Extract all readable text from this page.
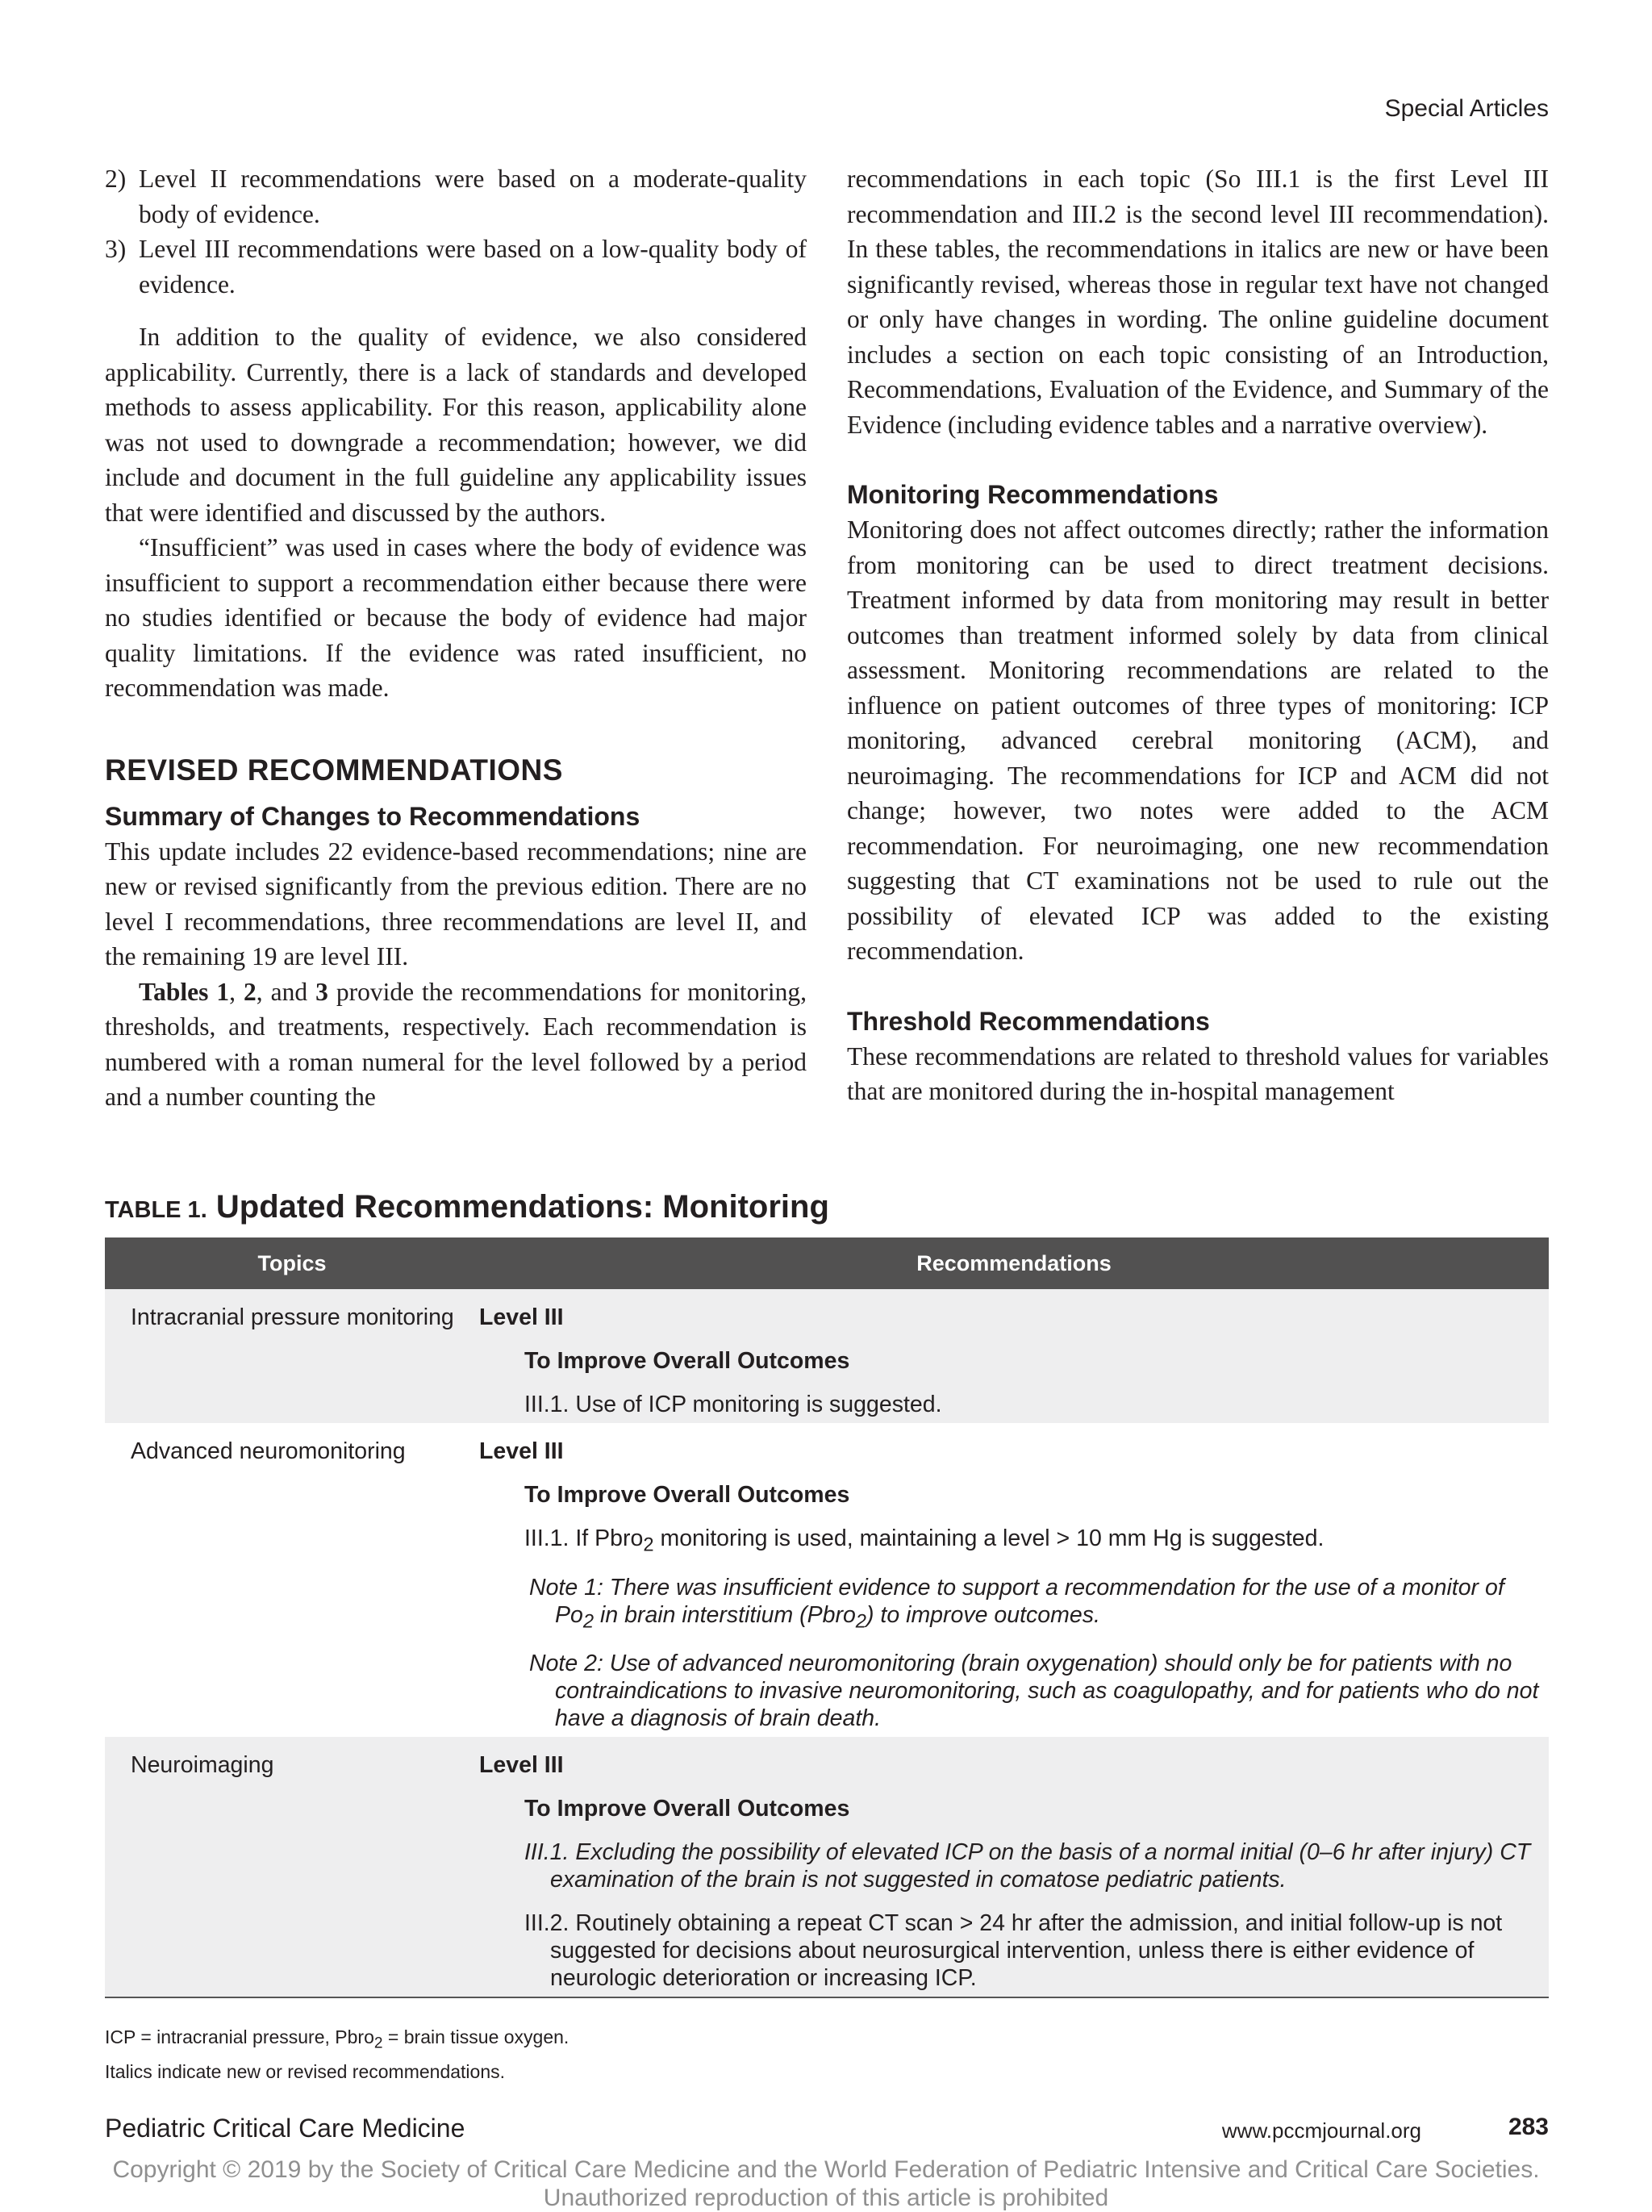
Special Articles

2) Level II recommendations were based on a moderate-quality body of evidence.

3) Level III recommendations were based on a low-quality body of evidence.

In addition to the quality of evidence, we also considered applicability. Currently, there is a lack of standards and developed methods to assess applicability. For this reason, applicability alone was not used to downgrade a recommendation; however, we did include and document in the full guideline any applicability issues that were identified and discussed by the authors.

“Insufficient” was used in cases where the body of evidence was insufficient to support a recommendation either because there were no studies identified or because the body of evidence had major quality limitations. If the evidence was rated insufficient, no recommendation was made.

REVISED RECOMMENDATIONS
Summary of Changes to Recommendations

This update includes 22 evidence-based recommendations; nine are new or revised significantly from the previous edition. There are no level I recommendations, three recommendations are level II, and the remaining 19 are level III.

Tables 1, 2, and 3 provide the recommendations for monitoring, thresholds, and treatments, respectively. Each recommendation is numbered with a roman numeral for the level followed by a period and a number counting the

recommendations in each topic (So III.1 is the first Level III recommendation and III.2 is the second level III recommendation). In these tables, the recommendations in italics are new or have been significantly revised, whereas those in regular text have not changed or only have changes in wording. The online guideline document includes a section on each topic consisting of an Introduction, Recommendations, Evaluation of the Evidence, and Summary of the Evidence (including evidence tables and a narrative overview).

Monitoring Recommendations

Monitoring does not affect outcomes directly; rather the information from monitoring can be used to direct treatment decisions. Treatment informed by data from monitoring may result in better outcomes than treatment informed solely by data from clinical assessment. Monitoring recommendations are related to the influence on patient outcomes of three types of monitoring: ICP monitoring, advanced cerebral monitoring (ACM), and neuroimaging. The recommendations for ICP and ACM did not change; however, two notes were added to the ACM recommendation. For neuroimaging, one new recommendation suggesting that CT examinations not be used to rule out the possibility of elevated ICP was added to the existing recommendation.

Threshold Recommendations

These recommendations are related to threshold values for variables that are monitored during the in-hospital management

TABLE 1. Updated Recommendations: Monitoring
Topics	Recommendations

Intracranial pressure monitoring	Level III
To Improve Overall Outcomes
III.1. Use of ICP monitoring is suggested.

Advanced neuromonitoring	Level III
To Improve Overall Outcomes
III.1. If Pbro$_2$ monitoring is used, maintaining a level > 10 mm Hg is suggested.
Note 1: There was insufficient evidence to support a recommendation for the use of a monitor of $Po_2$ in brain interstitium (Pbro$_2$) to improve outcomes.
Note 2: Use of advanced neuromonitoring (brain oxygenation) should only be for patients with no contraindications to invasive neuromonitoring, such as coagulopathy, and for patients who do not have a diagnosis of brain death.

Neuroimaging	Level III
To Improve Overall Outcomes
III.1. Excluding the possibility of elevated ICP on the basis of a normal initial (0–6 hr after injury) CT examination of the brain is not suggested in comatose pediatric patients.
III.2. Routinely obtaining a repeat CT scan > 24 hr after the admission, and initial follow-up is not suggested for decisions about neurosurgical intervention, unless there is either evidence of neurologic deterioration or increasing ICP.

ICP = intracranial pressure, Pbro$_2$ = brain tissue oxygen.

Italics indicate new or revised recommendations.

Pediatric Critical Care Medicine	www.pccmjournal.org	283

Copyright © 2019 by the Society of Critical Care Medicine and the World Federation of Pediatric Intensive and Critical Care Societies.

Unauthorized reproduction of this article is prohibited
